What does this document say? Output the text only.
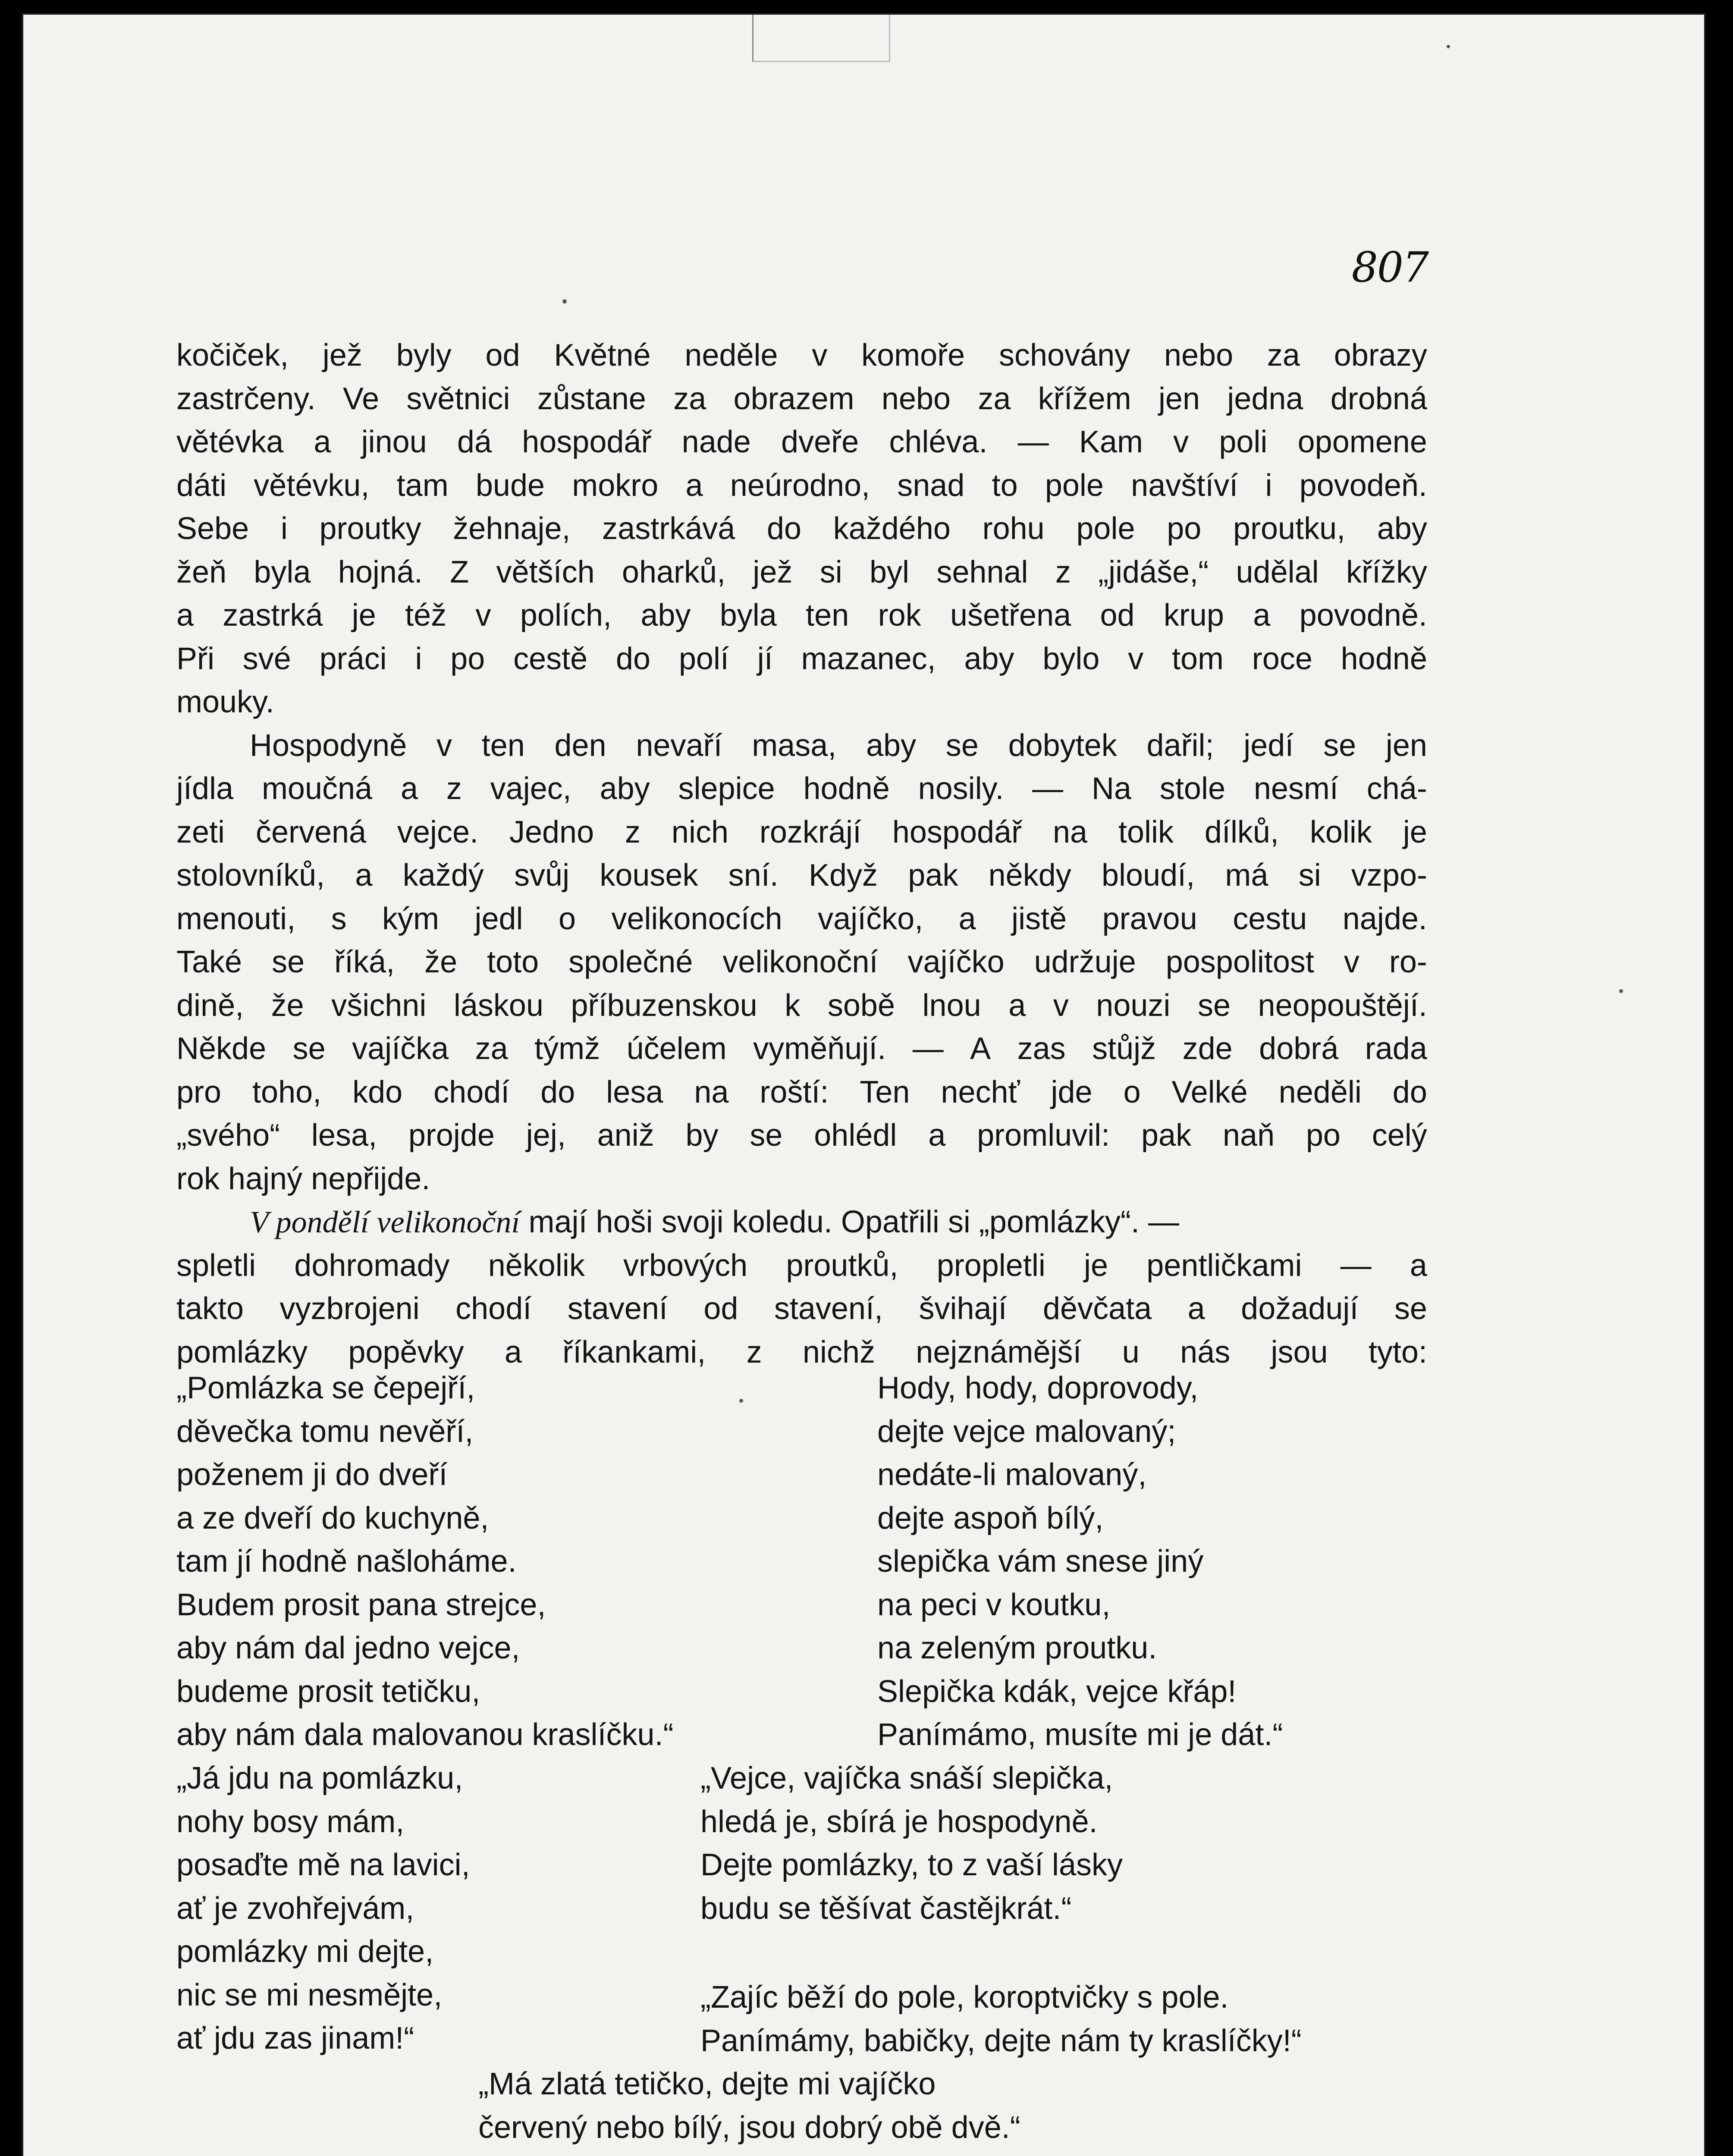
807
kočiček, jež byly od Květné neděle v komoře schovány nebo za obrazy
zastrčeny. Ve světnici zůstane za obrazem nebo za křížem jen jedna drobná
větévka a jinou dá hospodář nade dveře chléva. — Kam v poli opomene
dáti větévku, tam bude mokro a neúrodno, snad to pole navštíví i povodeň.
Sebe i proutky žehnaje, zastrkává do každého rohu pole po proutku, aby
žeň byla hojná. Z větších oharků, jež si byl sehnal z „jidáše,“ udělal křížky
a zastrká je též v polích, aby byla ten rok ušetřena od krup a povodně.
Při své práci i po cestě do polí jí mazanec, aby bylo v tom roce hodně
mouky.
Hospodyně v ten den nevaří masa, aby se dobytek dařil; jedí se jen
jídla moučná a z vajec, aby slepice hodně nosily. — Na stole nesmí chá-
zeti červená vejce. Jedno z nich rozkrájí hospodář na tolik dílků, kolik je
stolovníků, a každý svůj kousek sní. Když pak někdy bloudí, má si vzpo-
menouti, s kým jedl o velikonocích vajíčko, a jistě pravou cestu najde.
Také se říká, že toto společné velikonoční vajíčko udržuje pospolitost v ro-
dině, že všichni láskou příbuzenskou k sobě lnou a v nouzi se neopouštějí.
Někde se vajíčka za týmž účelem vyměňují. — A zas stůjž zde dobrá rada
pro toho, kdo chodí do lesa na roští: Ten nechť jde o Velké neděli do
„svého“ lesa, projde jej, aniž by se ohlédl a promluvil: pak naň po celý
rok hajný nepřijde.
V pondělí velikonoční mají hoši svoji koledu. Opatřili si „pomlázky“. —
spletli dohromady několik vrbových proutků, propletli je pentličkami — a
takto vyzbrojeni chodí stavení od stavení, švihají děvčata a dožadují se
pomlázky popěvky a říkankami, z nichž nejznámější u nás jsou tyto:
„Pomlázka se čepejří,
děvečka tomu nevěří,
poženem ji do dveří
a ze dveří do kuchyně,
tam jí hodně našloháme.
Budem prosit pana strejce,
aby nám dal jedno vejce,
budeme prosit tetičku,
aby nám dala malovanou kraslíčku.“
Hody, hody, doprovody,
dejte vejce malovaný;
nedáte-li malovaný,
dejte aspoň bílý,
slepička vám snese jiný
na peci v koutku,
na zeleným proutku.
Slepička kdák, vejce křáp!
Panímámo, musíte mi je dát.“
„Já jdu na pomlázku,
nohy bosy mám,
posaďte mě na lavici,
ať je zvohřejvám,
pomlázky mi dejte,
nic se mi nesmějte,
ať jdu zas jinam!“
„Vejce, vajíčka snáší slepička,
hledá je, sbírá je hospodyně.
Dejte pomlázky, to z vaší lásky
budu se těšívat častějkrát.“
„Zajíc běží do pole, koroptvičky s pole.
Panímámy, babičky, dejte nám ty kraslíčky!“
„Má zlatá tetičko, dejte mi vajíčko
červený nebo bílý, jsou dobrý obě dvě.“
